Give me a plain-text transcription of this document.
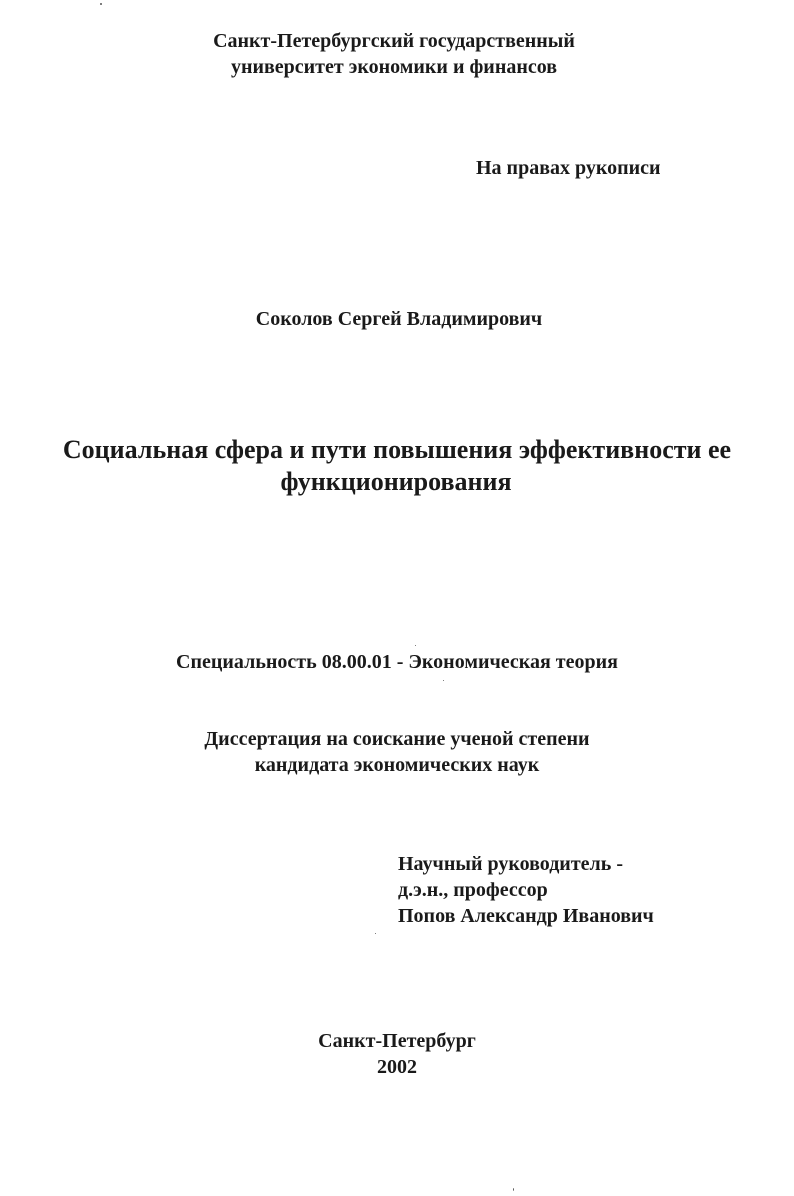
Санкт-Петербургский государственный
университет экономики и финансов
На правах рукописи
Соколов Сергей Владимирович
Социальная сфера и пути повышения эффективности ее
функционирования
Специальность 08.00.01 - Экономическая теория
Диссертация на соискание ученой степени
кандидата экономических наук
Научный руководитель -
д.э.н., профессор
Попов Александр Иванович
Санкт-Петербург
2002
